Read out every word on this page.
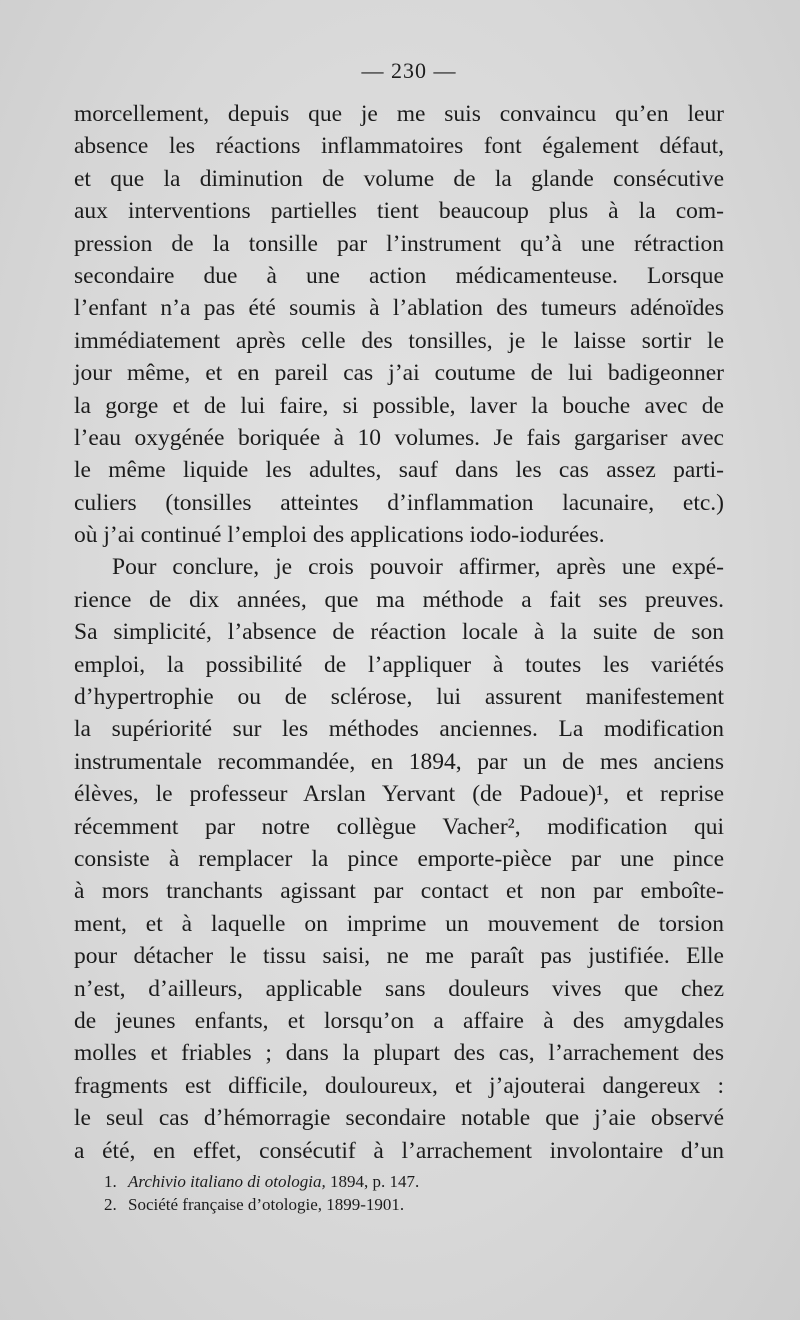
— 230 —
morcellement, depuis que je me suis convaincu qu’en leur
absence les réactions inflammatoires font également défaut,
et que la diminution de volume de la glande consécutive
aux interventions partielles tient beaucoup plus à la com-
pression de la tonsille par l’instrument qu’à une rétraction
secondaire due à une action médicamenteuse. Lorsque
l’enfant n’a pas été soumis à l’ablation des tumeurs adénoïdes
immédiatement après celle des tonsilles, je le laisse sortir le
jour même, et en pareil cas j’ai coutume de lui badigeonner
la gorge et de lui faire, si possible, laver la bouche avec de
l’eau oxygénée boriquée à 10 volumes. Je fais gargariser avec
le même liquide les adultes, sauf dans les cas assez parti-
culiers (tonsilles atteintes d’inflammation lacunaire, etc.)
où j’ai continué l’emploi des applications iodo-iodurées.
Pour conclure, je crois pouvoir affirmer, après une expé-
rience de dix années, que ma méthode a fait ses preuves.
Sa simplicité, l’absence de réaction locale à la suite de son
emploi, la possibilité de l’appliquer à toutes les variétés
d’hypertrophie ou de sclérose, lui assurent manifestement
la supériorité sur les méthodes anciennes. La modification
instrumentale recommandée, en 1894, par un de mes anciens
élèves, le professeur Arslan Yervant (de Padoue)¹, et reprise
récemment par notre collègue Vacher², modification qui
consiste à remplacer la pince emporte-pièce par une pince
à mors tranchants agissant par contact et non par emboîte-
ment, et à laquelle on imprime un mouvement de torsion
pour détacher le tissu saisi, ne me paraît pas justifiée. Elle
n’est, d’ailleurs, applicable sans douleurs vives que chez
de jeunes enfants, et lorsqu’on a affaire à des amygdales
molles et friables ; dans la plupart des cas, l’arrachement des
fragments est difficile, douloureux, et j’ajouterai dangereux :
le seul cas d’hémorragie secondaire notable que j’aie observé
a été, en effet, consécutif à l’arrachement involontaire d’un
1. Archivio italiano di otologia, 1894, p. 147.
2. Société française d’otologie, 1899-1901.
